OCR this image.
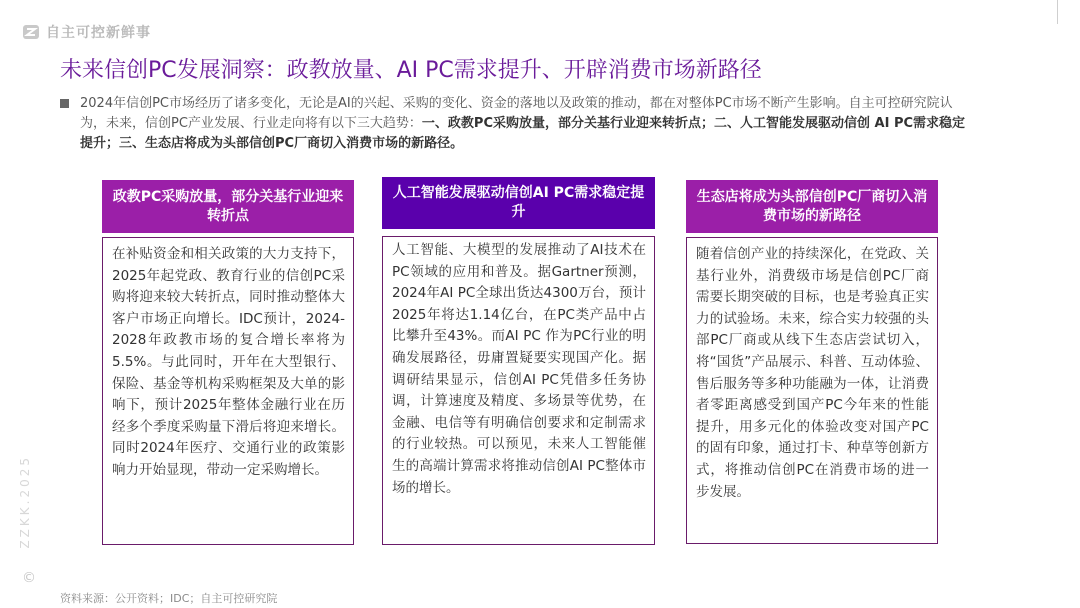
自主可控新鲜事
未来信创PC发展洞察：政教放量、AI PC需求提升、开辟消费市场新路径

2024年信创PC市场经历了诸多变化，无论是AI的兴起、采购的变化、资金的落地以及政策的推动，都在对整体PC市场不断产生影响。自主可控研究院认为，未来，信创PC产业发展、行业走向将有以下三大趋势：一、政教PC采购放量，部分关基行业迎来转折点；二、人工智能发展驱动信创 AI PC需求稳定提升；三、生态店将成为头部信创PC厂商切入消费市场的新路径。

政教PC采购放量，部分关基行业迎来转折点
在补贴资金和相关政策的大力支持下，2025年起党政、教育行业的信创PC采购将迎来较大转折点，同时推动整体大客户市场正向增长。IDC预计，2024-2028年政教市场的复合增长率将为5.5%。与此同时，开年在大型银行、保险、基金等机构采购框架及大单的影响下，预计2025年整体金融行业在历经多个季度采购量下滑后将迎来增长。同时2024年医疗、交通行业的政策影响力开始显现，带动一定采购增长。
人工智能发展驱动信创AI PC需求稳定提升
人工智能、大模型的发展推动了AI技术在PC领域的应用和普及。据Gartner预测，2024年AI PC全球出货达4300万台，预计2025年将达1.14亿台，在PC类产品中占比攀升至43%。而AI PC 作为PC行业的明确发展路径，毋庸置疑要实现国产化。据调研结果显示，信创AI PC凭借多任务协调，计算速度及精度、多场景等优势，在金融、电信等有明确信创要求和定制需求的行业较热。可以预见，未来人工智能催生的高端计算需求将推动信创AI PC整体市场的增长。
生态店将成为头部信创PC厂商切入消费市场的新路径
随着信创产业的持续深化，在党政、关基行业外，消费级市场是信创PC厂商需要长期突破的目标，也是考验真正实力的试验场。未来，综合实力较强的头部PC厂商或从线下生态店尝试切入，将“国货”产品展示、科普、互动体验、售后服务等多种功能融为一体，让消费者零距离感受到国产PC今年来的性能提升，用多元化的体验改变对国产PC的固有印象，通过打卡、种草等创新方式，将推动信创PC在消费市场的进一步发展。
资料来源：公开资料；IDC；自主可控研究院
ZZKK.2025
©
